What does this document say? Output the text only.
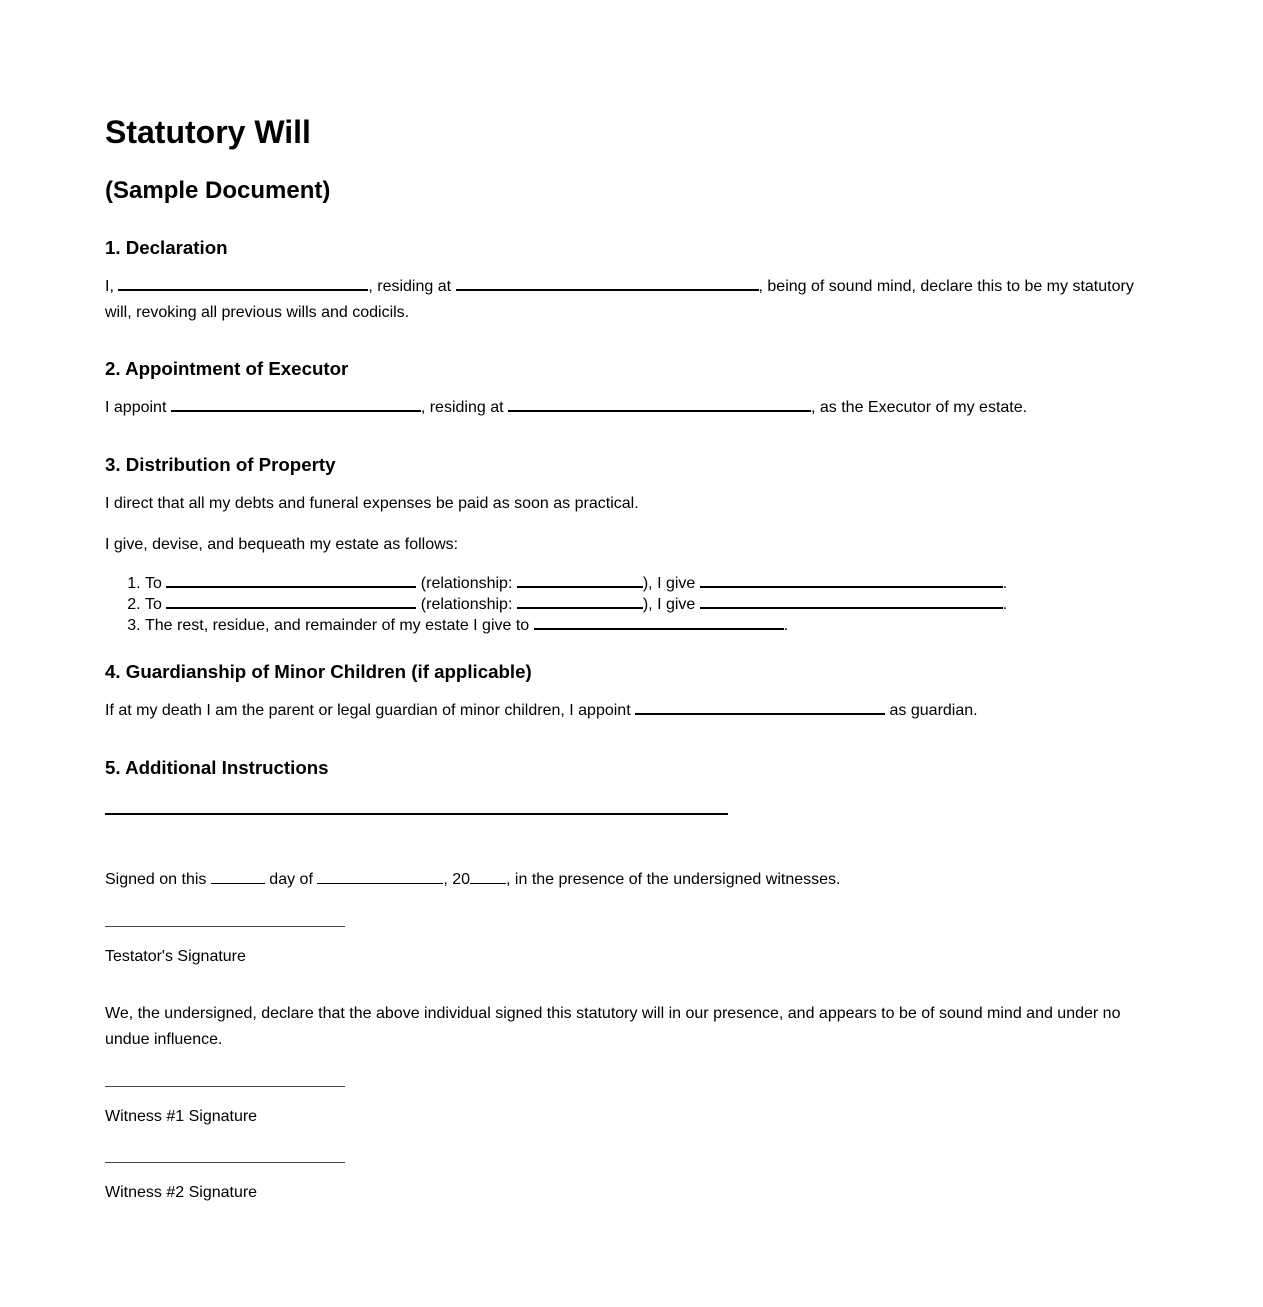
Statutory Will
(Sample Document)
1. Declaration

I,	, residing at	, being of sound mind, declare this to be my statutory will, revoking all previous wills and codicils.

2. Appointment of Executor

I appoint	, residing at	, as the Executor of my estate.

3. Distribution of Property

I direct that all my debts and funeral expenses be paid as soon as practical.

I give, devise, and bequeath my estate as follows:

1. To	(relationship:	), I give	.
2. To	(relationship:	), I give	.
3. The rest, residue, and remainder of my estate I give to	.
4. Guardianship of Minor Children (if applicable)

If at my death I am the parent or legal guardian of minor children, I appoint	as guardian.

5. Additional Instructions

Signed on this	day of	, 20 , in the presence of the undersigned witnesses.

Testator's Signature

We, the undersigned, declare that the above individual signed this statutory will in our presence, and appears to be of sound mind and under no undue influence.

Witness #1 Signature

Witness #2 Signature
